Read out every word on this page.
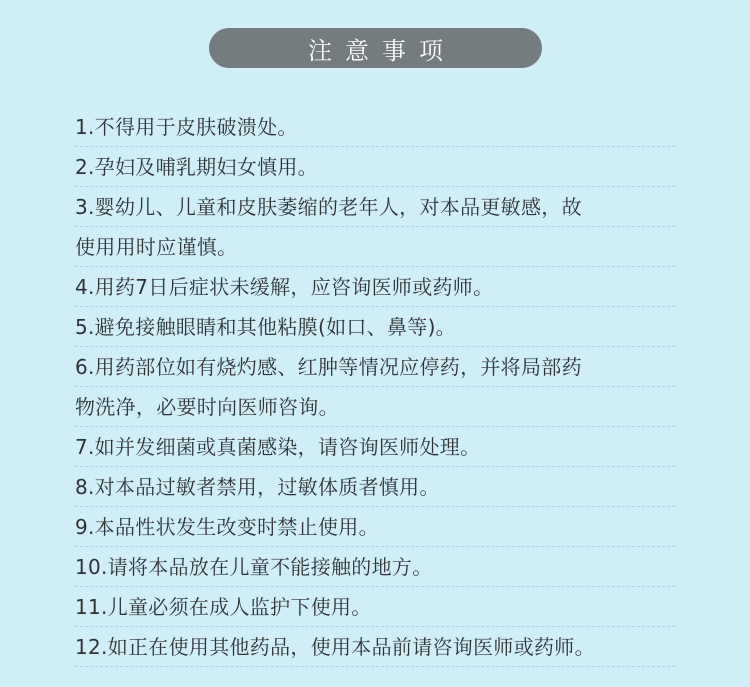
注意事项
1.不得用于皮肤破溃处。
2.孕妇及哺乳期妇女慎用。
3.婴幼儿、儿童和皮肤萎缩的老年人，对本品更敏感，故
使用用时应谨慎。
4.用药7日后症状未缓解，应咨询医师或药师。
5.避免接触眼睛和其他粘膜(如口、鼻等)。
6.用药部位如有烧灼感、红肿等情况应停药，并将局部药
物洗净，必要时向医师咨询。
7.如并发细菌或真菌感染，请咨询医师处理。
8.对本品过敏者禁用，过敏体质者慎用。
9.本品性状发生改变时禁止使用。
10.请将本品放在儿童不能接触的地方。
11.儿童必须在成人监护下使用。
12.如正在使用其他药品，使用本品前请咨询医师或药师。
